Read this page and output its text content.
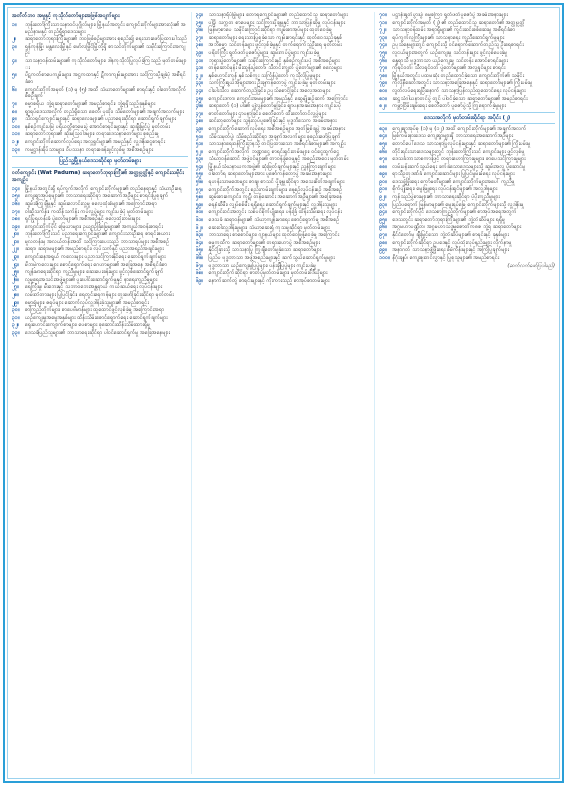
အတိတ်ဘဝ အမှုနှင့် ကုသိုလ်တော်များအဖြစ်အပျက်များ
၁။	ဘုန်းတော်ကြီးသာသနာဝင်ပုဂ္ဂိုလ်များ၊ မြို့နယ်အတွင်း ကျောင်းတိုက်များအားလုံး၏ အမည်နာမနှင့် တည်ရှိရာဒေသများ
၂။	ဆရာတော်ဘုရားကြီးများ၏ ဘဝဖြစ်စဉ်များအား စုစည်း၍ ရေးသားဖော်ပြထားပါသည်
၃။	ရန်ကုန်မြို့၊ မန္တလေးမြို့နှင့် မော်လမြိုင်မြို့တို့ရှိ စာသင်တိုက်များ၏ သမိုင်းကြောင်းအကျဉ်း
၄။	သာသနာ့ဝန်ထမ်းများ၏ ကုသိုလ်တော်များ၊ ဒါနကုသိုလ်ပြုလုပ်ခဲ့ကြသည့် မှတ်တမ်းများ
၅။	ပိဋကတ်စာပေကျမ်းများ၊ အဋ္ဌကထာနှင့် ဋီကာကျမ်းများအား သင်ကြားပို့ချခဲ့ပုံ အစီရင်ခံစာ
၆။	ကျောင်းတိုက်အမှတ် (၁) မှ (၅) အထိ သံဃာတော်များ၏ စာရင်းနှင့် ဝါတော်အလိုက်စီစဉ်ချက်
၇။	ဓမ္မာစရိယ ဘွဲ့ရဆရာတော်များ၏ အမည်စာရင်း၊ ဘွဲ့ရရှိသည့်ခုနှစ်များ
၈။	ရွာရပ်ဒေသအလိုက် တည်ရှိသော စေတီ၊ ပုထိုး၊ သိမ်တော်များ၏ အချက်အလက်များ
၉။	သီလရှင်ကျောင်းများနှင့် ဆရာလေးများ၏ ပညာရေးဆိုင်ရာ ဆောင်ရွက်ချက်များ
၁၀။	နှစ်စဉ်ကျင်းပမြဲ ပရိယတ္တိစာမေးပွဲ အောင်စာရင်းများနှင့် ဆုချီးမြှင့်ပွဲ မှတ်တမ်း
၁၁။	ဆရာတော်ဘုရား၏ ဆုံးမဩဝါဒများ၊ တရားဒေသနာတော်များ စုစည်းမှု
၁၂။	ကျောင်းတိုက်ဆောက်လုပ်ရေး အလှူရှင်များ၏ အမည်နှင့် လှူဒါန်းငွေစာရင်း
၁၃။	ကမ္မဋ္ဌာန်းရိပ်သာများ၊ ဝိပဿနာ တရားစခန်းဖွင့်လှစ်မှု အစီအစဉ်များ
ပြည်သူ့မြို့နယ်ဒေသဆိုင်ရာ မှတ်တမ်းများ
ဝတ်ကျောင်း (Wat Paduma) ဆရာတော်ဘုရားကြီး၏ အတ္ထုပ္ပတ္တိနှင့် ကျောင်းသမိုင်းအကျဉ်း
၁၄။	မြို့နယ်အတွင်းရှိ ရပ်ကွက်အလိုက် ကျောင်းတိုက်များ၏ တည်နေရာနှင့် သံဃာဦးရေ
၁၅။	ကျေးရွာအုပ်စုများ၏ ဘာသာရေးဆိုင်ရာ အဆောက်အဦများ စာရင်းပြုစုချက်
၁၆။	ဆွမ်းခံကြွချီမှုနှင့် ဆွမ်းလောင်းလှူမှု ဓလေ့ထုံးစံများ၏ အကြောင်းအရာ
၁၇။	ဝါဆိုသင်္ကန်း၊ ကထိန်သင်္ကန်း ကပ်လှူပွဲများ ကျင်းပခဲ့ပုံ မှတ်တမ်းများ
၁၈။	ရှင်ပြုရဟန်းခံ ပွဲတော်များ၏ အစီအစဉ်နှင့် ဓလေ့ထုံးတမ်းများ
၁၉။	ကျောင်းတိုက်ပိုင် မြေယာများ၊ ဥယျာဉ်ခြံမြေများ၏ အကျယ်အဝန်းစာရင်း
၂၀။	ဘုန်းတော်ကြီးသင် ပညာရေးကျောင်းများ၏ ကျောင်းသားဦးရေ စာရင်းဇယား
၂၁။	မူလတန်းမှ အလယ်တန်းအထိ သင်ကြားပေးသည့် ဘာသာရပ်များ အစီအစဉ်
၂၂။	ဆရာ၊ ဆရာမများ၏ အမည်စာရင်း၊ လုပ်သက်နှင့် ပညာအရည်အချင်းများ
၂၃။	ကျောင်းနေအရွယ် ကလေးများ ပညာသင်ကြားနိုင်ရေး ဆောင်ရွက်ချက်များ
၂၄။	မိဘမဲ့ကလေးများ စောင့်ရှောက်ရေး ဂေဟာများ၏ အခြေအနေ အစီရင်ခံစာ
၂၅။	ကျန်းမာရေးဆိုင်ရာ ကူညီမှုများ၊ ဆေးပေးခန်းများ ဖွင့်လှစ်ဆောင်ရွက်ချက်
၂၆။	လူမှုရေးအသင်းအဖွဲ့များ၏ ပူးပေါင်းဆောင်ရွက်မှုနှင့် နာရေးကူညီမှုများ
၂၇။	ရေကြီးမှု၊ မီးဘေးနှင့် သဘာဝဘေးအန္တရာယ် ကယ်ဆယ်ရေး လုပ်ငန်းများ
၂၈။	လမ်းတံတားများ ပြုပြင်ခြင်း၊ ရေတွင်းရေကန်များ တူးဖော်ခြင်းဆိုင်ရာ မှတ်တမ်း
၂၉။	ဓမ္မာရုံများ၊ ဇရပ်များ ဆောက်လုပ်လှူဒါန်းခဲ့သူများ၏ အမည်စာရင်း
၃၀။	စာကြည့်တိုက်များ၊ စာပေဗိမာန်များ ထူထောင်ဖွင့်လှစ်ခဲ့မှု အကြောင်းအရာ
၃၁။	ယဉ်ကျေးမှုအမွေအနှစ်များ ထိန်းသိမ်းစောင့်ရှောက်ရေး ဆောင်ရွက်ချက်များ
၃၂။	ရှေးဟောင်းကျောက်စာများ၊ ပေစာများ စုဆောင်းထိန်းသိမ်းထားရှိမှု
၃၃။	ဒေသခံပြည်သူများ၏ ဘာသာရေးဆိုင်ရာ ပါဝင်ဆောင်ရွက်မှု အခြေအနေများ
၃၄။	သာသနာ့ရိပ်မြုံများ၊ တောရကျောင်းများ၏ တည်ထောင်သူ ဆရာတော်များ
၃၅။	ပါဠိ၊ သက္ကတ စာပေများ သင်ကြားပို့ချမှုနှင့် ဘာသာပြန်ဆိုမှု လုပ်ငန်းများ
၃၆။	မြန်မာ့စာပေ သမိုင်းကြောင်းဆိုင်ရာ ကျမ်းစာအုပ်များ ထုတ်ဝေခဲ့မှု
၃၇။	ဆရာတော်များ ရေးသားပြုစုခဲ့သော ကျမ်းစာရင်းနှင့် ထုတ်ဝေသည့်ခုနှစ်
၃၈။	အဘိဓမ္မာ သင်တန်းများ ဖွင့်လှစ်ခဲ့မှုနှင့် တက်ရောက်သူဦးရေ မှတ်တမ်း
၃၉။	ပရိတ်ကြီး ရွတ်ဖတ်ပူဇော်ပွဲများ၊ ဆွမ်းကပ်ပွဲများ ကျင်းပခဲ့မှု
၄၀။	ဘုရားပွဲတော်များ၏ သမိုင်းကြောင်းနှင့် နှစ်စဉ်ကျင်းပပုံ အစီအစဉ်များ
၄၁။	တန်ဆောင်မုန်း မီးထွန်းပွဲတော်၊ သီတင်းကျွတ် ပွဲတော်များ၏ ဓလေ့များ
၄၂။	နှစ်ဟောင်းကုန် နှစ်သစ်ကူး သင်္ကြန်ပွဲတော် ကုသိုလ်ပြုမှုများ
၄၃။	သက်ကြီးရွယ်အိုများအား ဦးချကန်တော့ပွဲ ကျင်းပခဲ့မှု မှတ်တမ်းများ
၄၄။	ငါးပါးသီလ ဆောက်တည်ခြင်း၊ ဥပုသ်စောင့်ခြင်း အလေ့အထများ
၄၅။	ကျောင်းဒကာ၊ ကျောင်းအမများ၏ အမည်နှင့် ဆွေမျိုးစဉ်ဆက် အကြောင်း
၄၆။	ဆရာတော် (၁) ပါး၏ ပျံလွန်တော်မူခြင်း၊ ဈာပနအခမ်းအနား ကျင်းပပုံ
၄၇။	ဓာတ်တော်များ ဌာပနာခြင်း၊ စေတီတော် ထီးတော်တင်လှူပွဲများ
၄၈။	ဆင်းတုတော်များ သွန်းလုပ်ပူဇော်ခြင်းနှင့် ဗုဒ္ဓဘိသေက အခမ်းအနား
၄၉။	ကျောင်းတိုက်ဆောက်လုပ်ရေး အစီအစဉ်များ၊ အုတ်မြစ်ချပွဲ အခမ်းအနား
၅၀။	သိမ်သမုတ်ပွဲ၊ သိမ်စည်းဆိုင်ရာ အချက်အလက်များ စုစည်းဖော်ပြချက်
၅၁။	သာသနာရေးဝန်ကြီးဌာနသို့ တင်ပြထားသော အစီရင်ခံစာများ၏ အကျဉ်း
၅၂။	ကျောင်းတိုက်အလိုက် ဘဏ္ဍာငွေ စာရင်းရှင်းတမ်းများ၊ ဝင်ငွေထွက်ငွေ
၅၃။	သံဃာ့ဝန်ဆောင် အဖွဲ့ဝင်များ၏ တာဝန်ခွဲဝေမှုနှင့် အစည်းအဝေး မှတ်တမ်း
၅၄။	မြို့နယ်သံဃနာယကအဖွဲ့၏ ဆုံးဖြတ်ချက်များနှင့် ညွှန်ကြားချက်များ
၅၅။	ဝါတော်ရ ဆရာတော်များအား ပူဇော်ကန်တော့ပွဲ အခမ်းအနားများ
၅၆။	ရဟန်းသာမဏေများ စာချ၊ စာသင် ပို့ချမှုဆိုင်ရာ အသေးစိတ်အချက်များ
၅၇။	ကျောင်းတိုက်အတွင်း စည်းကမ်းချက်များ၊ နေ့စဉ်လုပ်ငန်းစဉ် အစီအစဉ်
၅၈။	ဆွမ်းစားကျောင်း၊ ကုဋီ၊ တန်ဆောင်း အဆောက်အဦများ၏ အခြေအနေ
၅၉။	ရေနံဆီမီး၊ လျှပ်စစ်မီး ရရှိရေး ဆောင်ရွက်ချက်များနှင့် လှူဒါန်းသူများ
၆၀။	ကျောင်းဝင်းအတွင်း သစ်ပင်စိုက်ပျိုးရေး၊ ပန်းခြံ ထိန်းသိမ်းရေး လုပ်ငန်း
၆၁။	ဒေသခံ ဆရာဝန်များ၏ သံဃာ့ကျန်းမာရေး စောင့်ရှောက်မှု အစီအစဉ်
၆၂။	ဆေးဝါးလှူဒါန်းမှုများ၊ သံဃာ့ဆေးရုံ ကုသမှုဆိုင်ရာ မှတ်တမ်းများ
၆၃။	ဘာသာရေး စာစောင်များ၊ ဂျာနယ်များ ထုတ်ဝေဖြန့်ဝေခဲ့မှု အကြောင်း
၆၄။	ဓမ္မကထိက ဆရာတော်များ၏ တရားဟောပွဲ အစီအစဉ်များ
၆၅။	နိုင်ငံခြားသို့ သာသနာပြု ကြွချီတော်မူခဲ့သော ဆရာတော်များ
၆၆။	ပြည်ပ ဗုဒ္ဓဘာသာ အဖွဲ့အစည်းများနှင့် ဆက်သွယ်ဆောင်ရွက်မှုများ
၆၇။	ဗုဒ္ဓဘာသာ ယဉ်ကျေးမှုပြပွဲများ၊ ပန်းချီပြပွဲများ ကျင်းပခဲ့မှု
၆၈။	ကျောင်းတိုက်ဆိုင်ရာ ဓာတ်ပုံမှတ်တမ်းများ၊ မှတ်တမ်းဗီဒီယိုများ
၆၉။	နောက်ဆက်တွဲ စာရင်းများနှင့် ကိုးကားသည့် စာအုပ်စာတမ်းများ
၇၀။	ပဋ္ဌာန်းရွတ်ပွားပွဲ၊ ဓမ္မစကြာ ရွတ်ဖတ်ပူဇော်ပွဲ အခမ်းအနားများ
၇၁။	ကျောင်းတိုက်အမှတ် (၂) ၏ တည်ထောင်သူ ဆရာတော်၏ အတ္ထုပ္ပတ္တိ
၇၂။	သာသနာ့ဝန်ထမ်း အရာရှိများ၏ ကွင်းဆင်းစစ်ဆေးမှု အစီရင်ခံစာ
၇၃။	ရပ်ကွက်လူကြီးများ၏ သာသနာရေး ကူညီဆောင်ရွက်မှုများ
၇၄။	ဥပုသ်နေ့များတွင် ကျောင်းသို့ ဝင်ရောက်ဆောက်တည်သူ ဦးရေစာရင်း
၇၅။	လူငယ်များအတွက် ယဉ်ကျေးမှု သင်တန်းများ ဖွင့်လှစ်ပေးခဲ့မှု
၇၆။	နွေရာသီ ဗုဒ္ဓဘာသာ ယဉ်ကျေးမှု သင်တန်း အောင်စာရင်းများ
၇၇။	ကိုရင်ဝတ်၊ သီလရှင်ဝတ် ပွဲတော်များ၏ အလှူရှင်များ စာရင်း
၇၈။	မြို့နယ်အတွင်း ပထမဆုံး တည်ထောင်ခဲ့သော ကျောင်းတိုက်၏ သမိုင်း
၇၉။	ကိုလိုနီခေတ်အတွင်း သာသနာ့အခြေအနေနှင့် ဆရာတော်များ၏ ကြိုးပမ်းမှု
၈၀။	လွတ်လပ်ရေးရပြီးနောက် သာသနာ့ပြန်လည်ထူထောင်ရေး လုပ်ငန်းများ
၈၁။	ဆဋ္ဌသံဂါယနာတင်ပွဲ တွင် ပါဝင်ခဲ့သော ဆရာတော်များ၏ အမည်စာရင်း
၈၂။	ကမ္ဘာ့ငြိမ်းချမ်းရေး စေတီတော် ပူဇော်ပွဲသို့ ကြွရောက်ခဲ့မှုများ
ဒေသအလိုက် မှတ်တမ်းဆိုင်ရာ အပိုင်း (၂)
၈၃။	ကျေးရွာအုပ်စု (၁) မှ (၁၂) အထိ ကျောင်းတိုက်များ၏ အချက်အလက်
၈၄။	မြစ်ကမ်းနားဒေသ ကျေးရွာများရှိ ဘာသာရေးအဆောက်အဦများ
၈၅။	တောင်ပေါ်ဒေသ သာသနာပြုလုပ်ငန်းများနှင့် ဆရာတော်များ၏ ကြိုးပမ်းမှု
၈၆။	တိုင်းရင်းသားဒေသများတွင် ဘုန်းတော်ကြီးသင် ကျောင်းများ ဖွင့်လှစ်မှု
၈၇။	ဒေသခံဘာသာစကားဖြင့် တရားဟောကြားမှုများ၊ စာပေသင်ကြားမှုများ
၈၈။	လမ်းပန်းဆက်သွယ်ရေး ခက်ခဲသောဒေသများသို့ ဆွမ်းအလှူ ပို့ဆောင်မှု
၈၉။	ရာသီဥတုဒဏ်ခံ ကျောင်းဆောင်များ ပြုပြင်မွမ်းမံရေး လုပ်ငန်းများ
၉၀။	ဒေသဖွံ့ဖြိုးရေး ကော်မတီများ၏ ကျောင်းတိုက်များအပေါ် ကူညီမှု
၉၁။	စိုက်ပျိုးရေး၊ မွေးမြူရေး လုပ်ငန်းရှင်များ၏ အလှူဒါနများ
၉၂။	ကုန်သည်ပွဲစားများ၏ ဘာသာရေးဆိုင်ရာ ပံ့ပိုးကူညီမှုများ
၉၃။	ပြည်ပရောက် မြန်မာများ၏ မွေးရပ်မြေ ကျောင်းတိုက်များသို့ လှူဒါန်းမှု
၉၄။	ကျောင်းတိုက်ပိုင် ဒေသစာကြည့်တိုက်များ၏ စာအုပ်အရေအတွက်
၉၅။	ဒေသတွင်း ဆရာတော်ဘုရားကြီးများ၏ ဘွဲ့တံဆိပ်များ ရရှိမှု
၉၆။	အဂ္ဂမဟာပဏ္ဍိတ၊ အဂ္ဂမဟာသဒ္ဓမ္မဇောတိကဓဇ ဘွဲ့ရ ဆရာတော်များ
၉၇။	နိုင်ငံတော်မှ ချီးမြှင့်သော ဘွဲ့တံဆိပ်များ၏ စာရင်းနှင့် ခုနှစ်များ
၉၈။	ကျောင်းတိုက်ဆိုင်ရာ ဥပဒေနှင့် လုပ်ထုံးလုပ်နည်းများ လိုက်နာမှု
၉၉။	အနာဂတ် သာသနာ့ဖွံ့ဖြိုးရေး စီမံကိန်းများနှင့် အကြံပြုချက်များ
၁၀၀။ နိဂုံးချုပ်၊ ကျေးဇူးတင်လွှာနှင့် ပြုစုသူများ၏ အမည်စာရင်း
(ဆက်လက်ဖော်ပြပါမည်)
